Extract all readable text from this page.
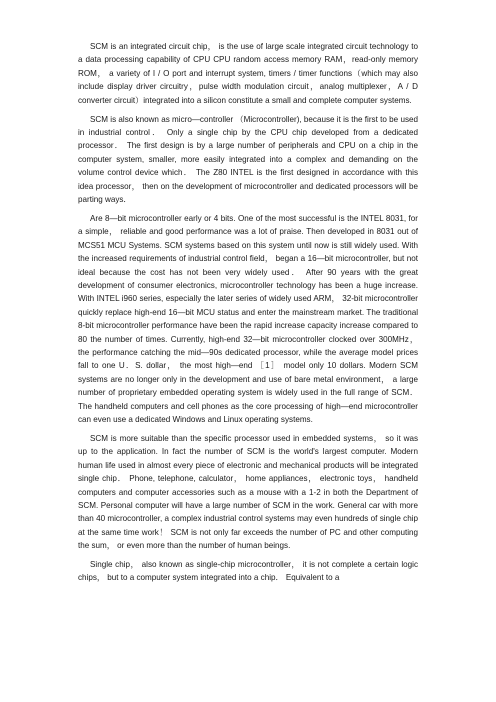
SCM is an integrated circuit chip， is the use of large scale integrated circuit technology to a data processing capability of CPU CPU random access memory RAM，read-only memory ROM， a variety of I / O port and interrupt system, timers / timer functions（which may also include display driver circuitry，pulse width modulation circuit，analog multiplexer，A / D converter circuit）integrated into a silicon constitute a small and complete computer systems.

SCM is also known as micro—controller （Microcontroller), because it is the first to be used in industrial control． Only a single chip by the CPU chip developed from a dedicated processor． The first design is by a large number of peripherals and CPU on a chip in the computer system, smaller, more easily integrated into a complex and demanding on the volume control device which． The Z80 INTEL is the first designed in accordance with this idea processor， then on the development of microcontroller and dedicated processors will be parting ways．

Are 8—bit microcontroller early or 4 bits. One of the most successful is the INTEL 8031, for a simple， reliable and good performance was a lot of praise. Then developed in 8031 out of MCS51 MCU Systems. SCM systems based on this system until now is still widely used. With the increased requirements of industrial control field， began a 16—bit microcontroller, but not ideal because the cost has not been very widely used． After 90 years with the great development of consumer electronics, microcontroller technology has been a huge increase. With INTEL i960 series, especially the later series of widely used ARM， 32-bit microcontroller quickly replace high-end 16—bit MCU status and enter the mainstream market. The traditional 8-bit microcontroller performance have been the rapid increase capacity increase compared to 80 the number of times. Currently, high-end 32—bit microcontroller clocked over 300MHz， the performance catching the mid—90s dedicated processor, while the average model prices fall to one U．S. dollar， the most high—end ［1］ model only 10 dollars. Modern SCM systems are no longer only in the development and use of bare metal environment， a large number of proprietary embedded operating system is widely used in the full range of SCM． The handheld computers and cell phones as the core processing of high—end microcontroller can even use a dedicated Windows and Linux operating systems.

SCM is more suitable than the specific processor used in embedded systems， so it was up to the application. In fact the number of SCM is the world's largest computer. Modern human life used in almost every piece of electronic and mechanical products will be integrated single chip． Phone, telephone, calculator， home appliances， electronic toys， handheld computers and computer accessories such as a mouse with a 1-2 in both the Department of SCM. Personal computer will have a large number of SCM in the work. General car with more than 40 microcontroller, a complex industrial control systems may even hundreds of single chip at the same time work！ SCM is not only far exceeds the number of PC and other computing the sum， or even more than the number of human beings.

Single chip， also known as single-chip microcontroller， it is not complete a certain logic chips， but to a computer system integrated into a chip． Equivalent to a
